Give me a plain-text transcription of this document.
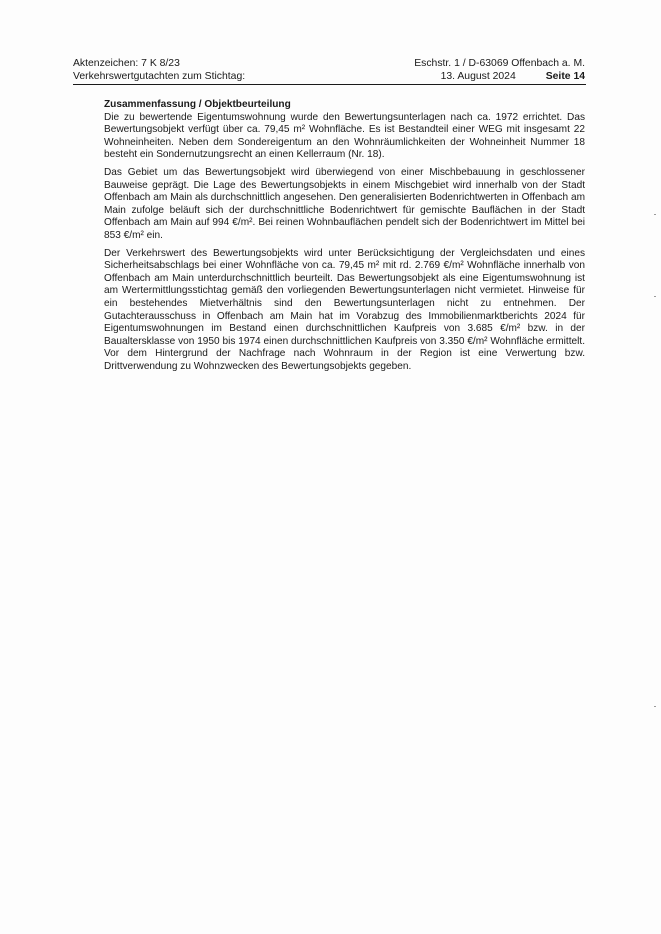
Aktenzeichen: 7 K 8/23	Eschstr. 1 / D-63069 Offenbach a. M.
Verkehrswertgutachten zum Stichtag:	13. August 2024	Seite 14

Zusammenfassung / Objektbeurteilung

Die zu bewertende Eigentumswohnung wurde den Bewertungsunterlagen nach ca. 1972 errichtet. Das Bewertungsobjekt verfügt über ca. 79,45 m² Wohnfläche. Es ist Bestandteil einer WEG mit insgesamt 22 Wohneinheiten. Neben dem Sondereigentum an den Wohnräumlichkeiten der Wohneinheit Nummer 18 besteht ein Sondernutzungsrecht an einen Kellerraum (Nr. 18).

Das Gebiet um das Bewertungsobjekt wird überwiegend von einer Mischbebauung in geschlossener Bauweise geprägt. Die Lage des Bewertungsobjekts in einem Mischgebiet wird innerhalb von der Stadt Offenbach am Main als durchschnittlich angesehen. Den generalisierten Bodenrichtwerten in Offenbach am Main zufolge beläuft sich der durchschnittliche Bodenrichtwert für gemischte Bauflächen in der Stadt Offenbach am Main auf 994 €/m². Bei reinen Wohnbauflächen pendelt sich der Bodenrichtwert im Mittel bei 853 €/m² ein.

Der Verkehrswert des Bewertungsobjekts wird unter Berücksichtigung der Vergleichsdaten und eines Sicherheitsabschlags bei einer Wohnfläche von ca. 79,45 m² mit rd. 2.769 €/m² Wohnfläche innerhalb von Offenbach am Main unterdurchschnittlich beurteilt. Das Bewertungsobjekt als eine Eigentumswohnung ist am Wertermittlungsstichtag gemäß den vorliegenden Bewertungsunterlagen nicht vermietet. Hinweise für ein bestehendes Mietverhältnis sind den Bewertungsunterlagen nicht zu entnehmen. Der Gutachterausschuss in Offenbach am Main hat im Vorabzug des Immobilienmarktberichts 2024 für Eigentumswohnungen im Bestand einen durchschnittlichen Kaufpreis von 3.685 €/m² bzw. in der Baualtersklasse von 1950 bis 1974 einen durchschnittlichen Kaufpreis von 3.350 €/m² Wohnfläche ermittelt. Vor dem Hintergrund der Nachfrage nach Wohnraum in der Region ist eine Verwertung bzw. Drittverwendung zu Wohnzwecken des Bewertungsobjekts gegeben.
